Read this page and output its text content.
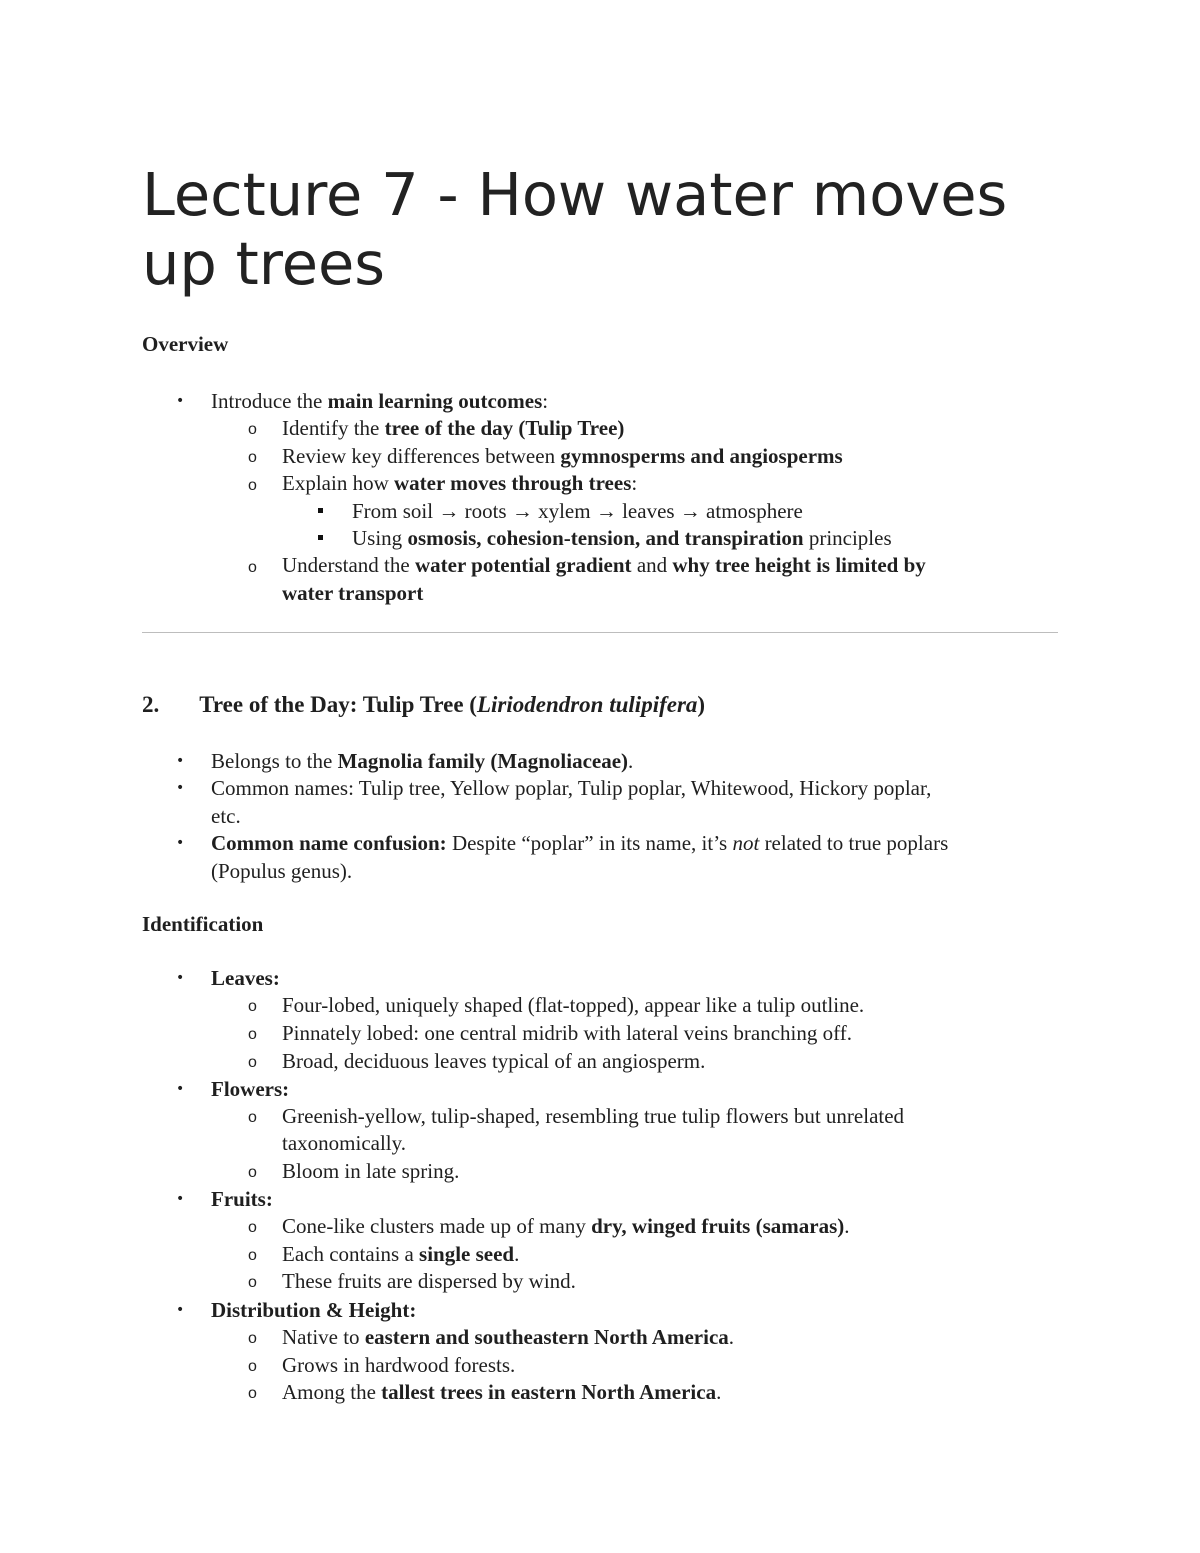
Lecture 7 - How water moves up trees
Overview
• Introduce the main learning outcomes:
o Identify the tree of the day (Tulip Tree)
o Review key differences between gymnosperms and angiosperms
o Explain how water moves through trees:
From soil → roots → xylem → leaves → atmosphere
Using osmosis, cohesion-tension, and transpiration principles
o Understand the water potential gradient and why tree height is limited by
water transport
2. Tree of the Day: Tulip Tree (Liriodendron tulipifera)
• Belongs to the Magnolia family (Magnoliaceae).
• Common names: Tulip tree, Yellow poplar, Tulip poplar, Whitewood, Hickory poplar,
etc.
• Common name confusion: Despite “poplar” in its name, it’s not related to true poplars
(Populus genus).
Identification
• Leaves:
o Four-lobed, uniquely shaped (flat-topped), appear like a tulip outline.
o Pinnately lobed: one central midrib with lateral veins branching off.
o Broad, deciduous leaves typical of an angiosperm.
• Flowers:
o Greenish-yellow, tulip-shaped, resembling true tulip flowers but unrelated
taxonomically.
o Bloom in late spring.
• Fruits:
o Cone-like clusters made up of many dry, winged fruits (samaras).
o Each contains a single seed.
o These fruits are dispersed by wind.
• Distribution & Height:
o Native to eastern and southeastern North America.
o Grows in hardwood forests.
o Among the tallest trees in eastern North America.
